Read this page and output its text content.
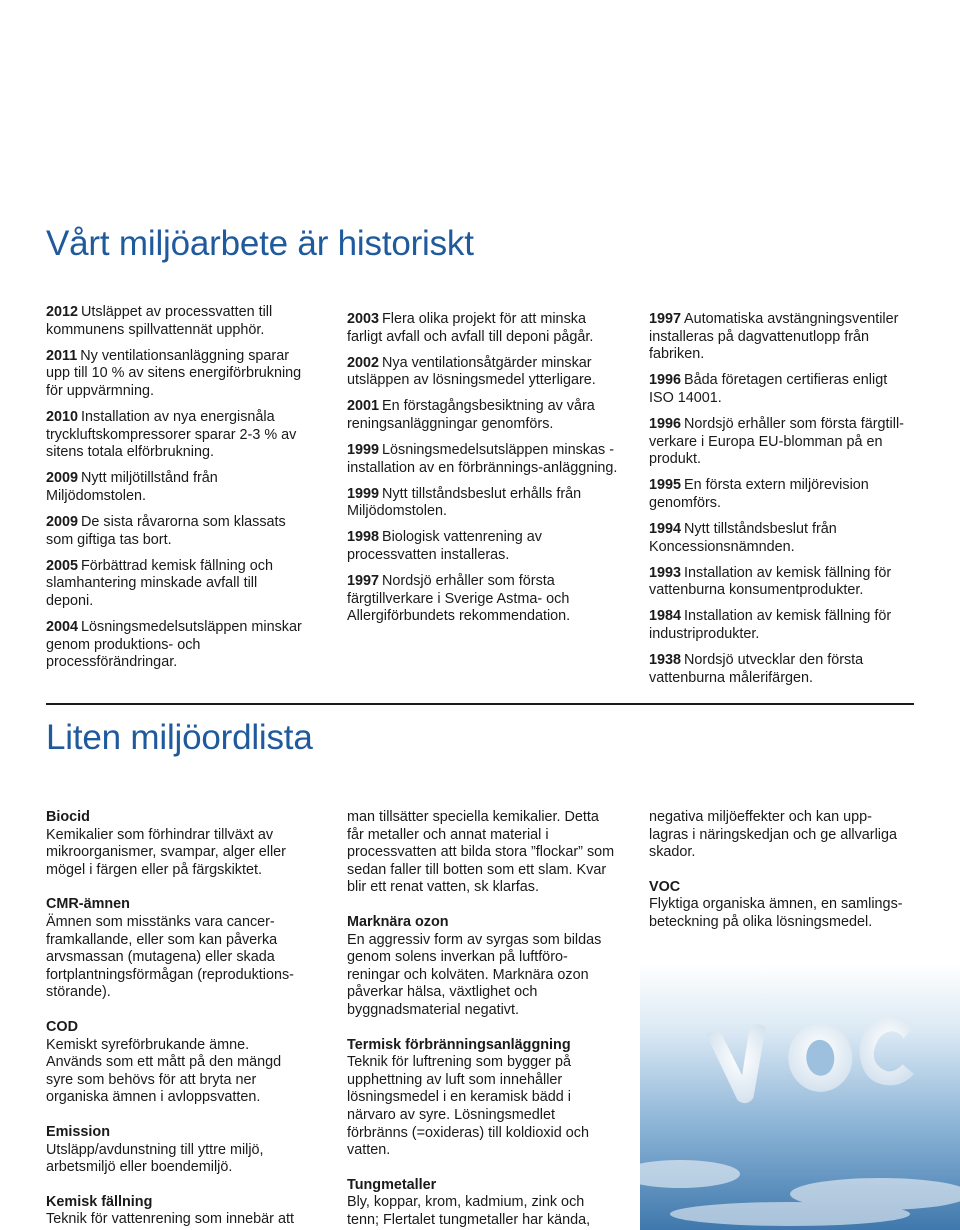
Vårt miljöarbete är historiskt
2012 Utsläppet av processvatten till kommunens spillvattennät upphör.
2011 Ny ventilationsanläggning sparar upp till 10 % av sitens energiförbrukning för uppvärmning.
2010 Installation av nya energisnåla tryckluftskompressorer sparar 2-3 % av sitens totala elförbrukning.
2009 Nytt miljötillstånd från Miljödomstolen.
2009 De sista råvarorna som klassats som giftiga tas bort.
2005 Förbättrad kemisk fällning och slamhantering minskade avfall till deponi.
2004 Lösningsmedelsutsläppen minskar genom produktions- och processförändringar.
2003 Flera olika projekt för att minska farligt avfall och avfall till deponi pågår.
2002 Nya ventilationsåtgärder minskar utsläppen av lösningsmedel ytterligare.
2001 En förstagångsbesiktning av våra reningsanläggningar genomförs.
1999 Lösningsmedelsutsläppen minskas - installation av en förbrännings-anläggning.
1999 Nytt tillståndsbeslut erhålls från Miljödomstolen.
1998 Biologisk vattenrening av processvatten installeras.
1997 Nordsjö erhåller som första färgtillverkare i Sverige Astma- och Allergiförbundets rekommendation.
1997 Automatiska avstängningsventiler installeras på dagvattenutlopp från fabriken.
1996 Båda företagen certifieras enligt ISO 14001.
1996 Nordsjö erhåller som första färgtill-verkare i Europa EU-blomman på en produkt.
1995 En första extern miljörevision genomförs.
1994 Nytt tillståndsbeslut från Koncessionsnämnden.
1993 Installation av kemisk fällning för vattenburna konsumentprodukter.
1984 Installation av kemisk fällning för industriprodukter.
1938 Nordsjö utvecklar den första vattenburna målerifärgen.
Liten miljöordlista
Biocid
Kemikalier som förhindrar tillväxt av mikroorganismer, svampar, alger eller mögel i färgen eller på färgskiktet.
CMR-ämnen
Ämnen som misstänks vara cancer-framkallande, eller som kan påverka arvsmassan (mutagena) eller skada fortplantningsförmågan (reproduktions-störande).
COD
Kemiskt syreförbrukande ämne. Används som ett mått på den mängd syre som behövs för att bryta ner organiska ämnen i avloppsvatten.
Emission
Utsläpp/avdunstning till yttre miljö, arbetsmiljö eller boendemiljö.
Kemisk fällning
Teknik för vattenrening som innebär att
man tillsätter speciella kemikalier. Detta får metaller och annat material i processvatten att bilda stora ”flockar” som sedan faller till botten som ett slam. Kvar blir ett renat vatten, sk klarfas.
Marknära ozon
En aggressiv form av syrgas som bildas genom solens inverkan på luftföro-reningar och kolväten. Marknära ozon påverkar hälsa, växtlighet och byggnadsmaterial negativt.
Termisk förbränningsanläggning
Teknik för luftrening som bygger på upphettning av luft som innehåller lösningsmedel i en keramisk bädd i närvaro av syre. Lösningsmedlet förbränns (=oxideras) till koldioxid och vatten.
Tungmetaller
Bly, koppar, krom, kadmium, zink och tenn; Flertalet tungmetaller har kända,
negativa miljöeffekter och kan upp-lagras i näringskedjan och ge allvarliga skador.
VOC
Flyktiga organiska ämnen, en samlings-beteckning på olika lösningsmedel.
